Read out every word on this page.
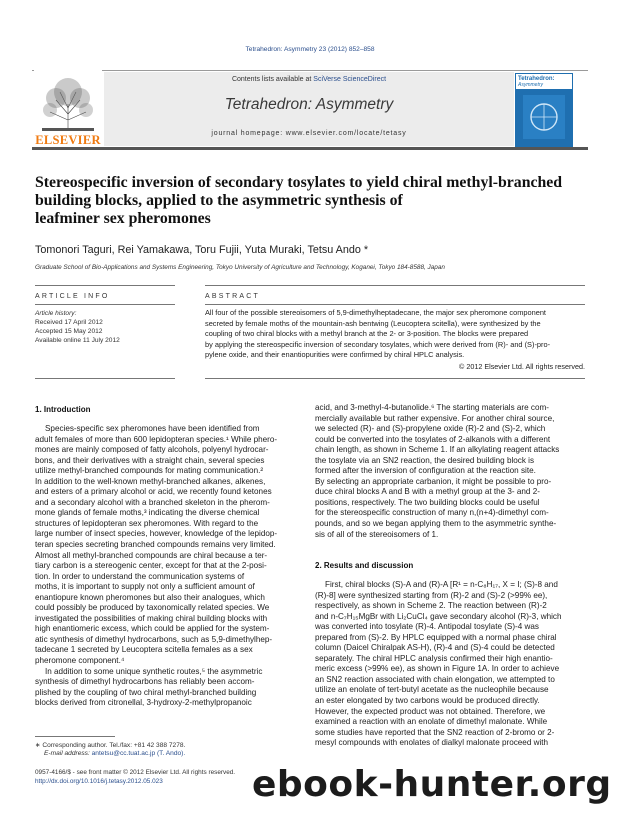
Tetrahedron: Asymmetry 23 (2012) 852–858
ELSEVIER
Contents lists available at SciVerse ScienceDirect
Tetrahedron: Asymmetry
journal homepage: www.elsevier.com/locate/tetasy
Tetrahedron:
Asymmetry
Stereospecific inversion of secondary tosylates to yield chiral methyl-branched
building blocks, applied to the asymmetric synthesis of
leafminer sex pheromones
Tomonori Taguri, Rei Yamakawa, Toru Fujii, Yuta Muraki, Tetsu Ando *
Graduate School of Bio-Applications and Systems Engineering, Tokyo University of Agriculture and Technology, Koganei, Tokyo 184-8588, Japan
ARTICLE INFO	ABSTRACT
Article history:
Received 17 April 2012
Accepted 15 May 2012
Available online 11 July 2012
All four of the possible stereoisomers of 5,9-dimethylheptadecane, the major sex pheromone component
secreted by female moths of the mountain-ash bentwing (Leucoptera scitella), were synthesized by the
coupling of two chiral blocks with a methyl branch at the 2- or 3-position. The blocks were prepared
by applying the stereospecific inversion of secondary tosylates, which were derived from (R)- and (S)-pro-
pylene oxide, and their enantiopurities were confirmed by chiral HPLC analysis.
© 2012 Elsevier Ltd. All rights reserved.
1. Introduction
Species-specific sex pheromones have been identified from
adult females of more than 600 lepidopteran species.¹ While phero-
mones are mainly composed of fatty alcohols, polyenyl hydrocar-
bons, and their derivatives with a straight chain, several species
utilize methyl-branched compounds for mating communication.²
In addition to the well-known methyl-branched alkanes, alkenes,
and esters of a primary alcohol or acid, we recently found ketones
and a secondary alcohol with a branched skeleton in the pherom-
mone glands of female moths,³ indicating the diverse chemical
structures of lepidopteran sex pheromones. With regard to the
large number of insect species, however, knowledge of the lepidop-
teran species secreting branched compounds remains very limited.
Almost all methyl-branched compounds are chiral because a ter-
tiary carbon is a stereogenic center, except for that at the 2-posi-
tion. In order to understand the communication systems of
moths, it is important to supply not only a sufficient amount of
enantiopure known pheromones but also their analogues, which
could possibly be produced by taxonomically related species. We
investigated the possibilities of making chiral building blocks with
high enantiomeric excess, which could be applied for the system-
atic synthesis of dimethyl hydrocarbons, such as 5,9-dimethylhep-
tadecane 1 secreted by Leucoptera scitella females as a sex
pheromone component.⁴
In addition to some unique synthetic routes,⁵ the asymmetric
synthesis of dimethyl hydrocarbons has reliably been accom-
plished by the coupling of two chiral methyl-branched building
blocks derived from citronellal, 3-hydroxy-2-methylpropanoic
acid, and 3-methyl-4-butanolide.⁶ The starting materials are com-
mercially available but rather expensive. For another chiral source,
we selected (R)- and (S)-propylene oxide (R)-2 and (S)-2, which
could be converted into the tosylates of 2-alkanols with a different
chain length, as shown in Scheme 1. If an alkylating reagent attacks
the tosylate via an SN2 reaction, the desired building block is
formed after the inversion of configuration at the reaction site.
By selecting an appropriate carbanion, it might be possible to pro-
duce chiral blocks A and B with a methyl group at the 3- and 2-
positions, respectively. The two building blocks could be useful
for the stereospecific construction of many n,(n+4)-dimethyl com-
pounds, and so we began applying them to the asymmetric synthe-
sis of all of the stereoisomers of 1.
2. Results and discussion
First, chiral blocks (S)-A and (R)-A [R¹ = n-C₈H₁₇, X = I; (S)-8 and
(R)-8] were synthesized starting from (R)-2 and (S)-2 (>99% ee),
respectively, as shown in Scheme 2. The reaction between (R)-2
and n-C₇H₁₅MgBr with Li₂CuCl₄ gave secondary alcohol (R)-3, which
was converted into tosylate (R)-4. Antipodal tosylate (S)-4 was
prepared from (S)-2. By HPLC equipped with a normal phase chiral
column (Daicel Chiralpak AS-H), (R)-4 and (S)-4 could be detected
separately. The chiral HPLC analysis confirmed their high enantio-
meric excess (>99% ee), as shown in Figure 1A. In order to achieve
an SN2 reaction associated with chain elongation, we attempted to
utilize an enolate of tert-butyl acetate as the nucleophile because
an ester elongated by two carbons would be produced directly.
However, the expected product was not obtained. Therefore, we
examined a reaction with an enolate of dimethyl malonate. While
some studies have reported that the SN2 reaction of 2-bromo or 2-
mesyl compounds with enolates of dialkyl malonate proceed with
∗ Corresponding author. Tel./fax: +81 42 388 7278.
E-mail address: antetsu@cc.tuat.ac.jp (T. Ando).
0957-4166/$ - see front matter © 2012 Elsevier Ltd. All rights reserved.
http://dx.doi.org/10.1016/j.tetasy.2012.05.023 ebook-hunter.org
